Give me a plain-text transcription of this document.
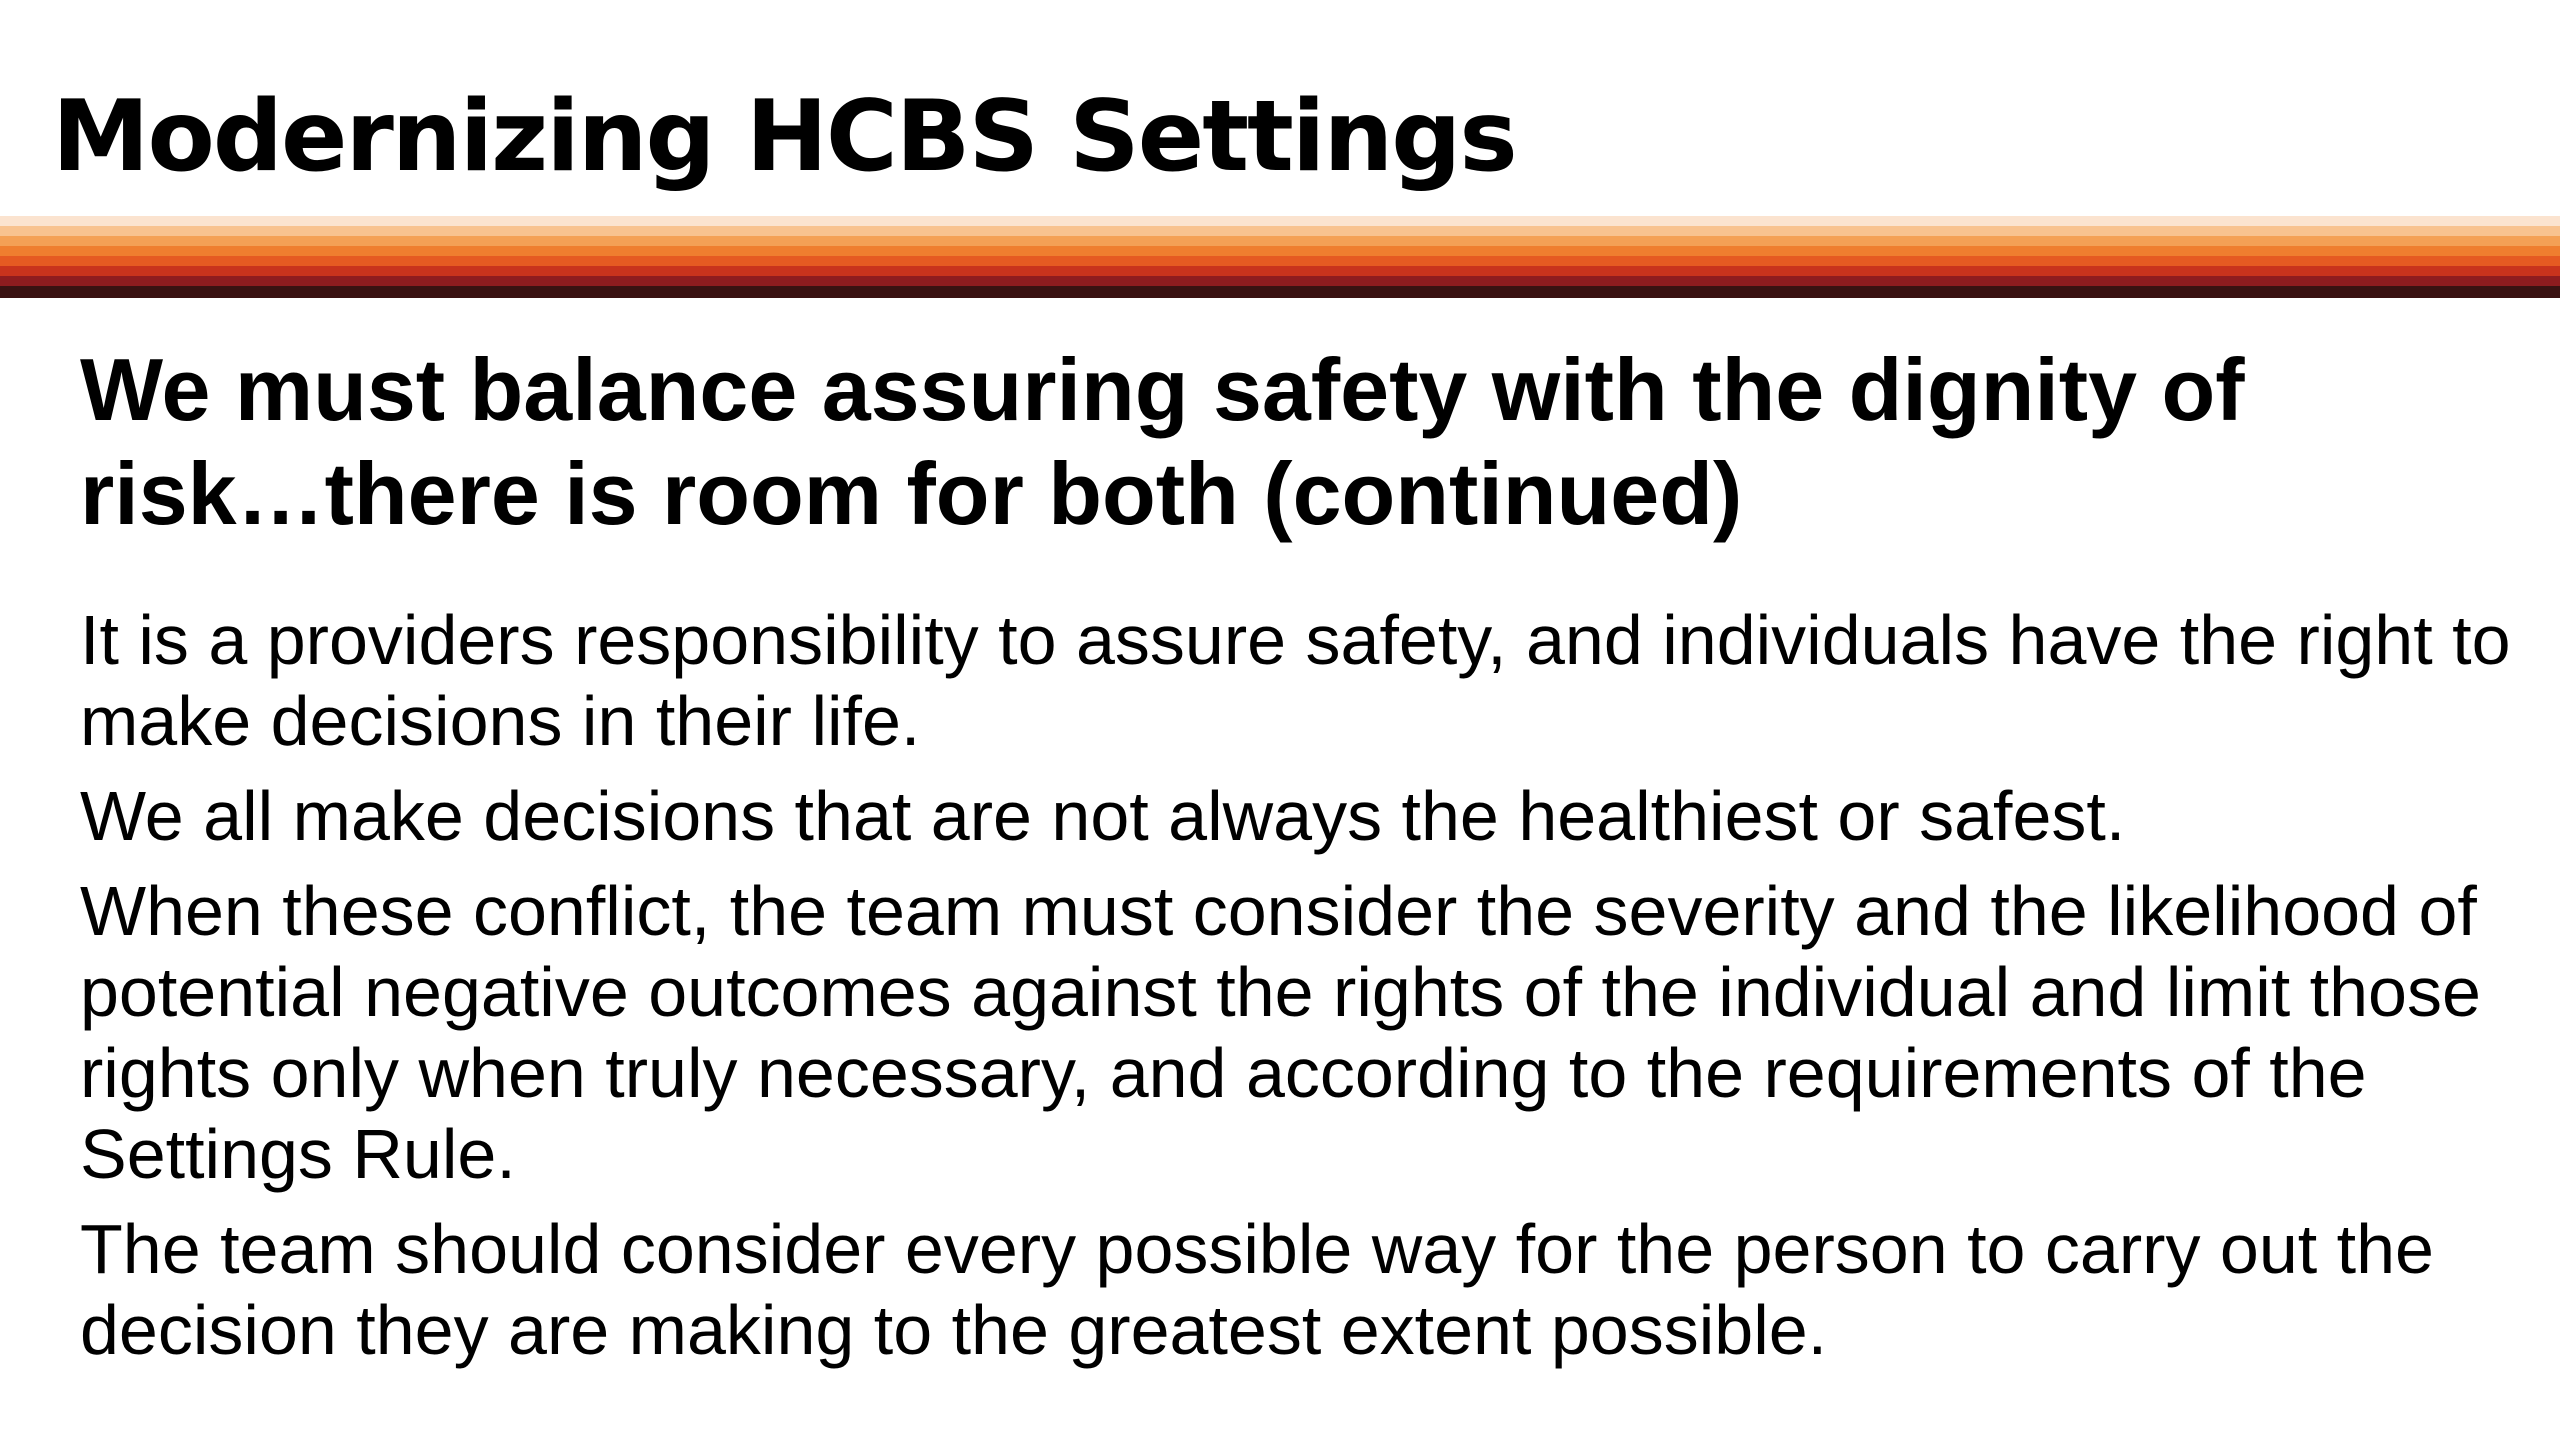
Modernizing HCBS Settings
We must balance assuring safety with the dignity of risk…there is room for both (continued)
It is a providers responsibility to assure safety, and individuals have the right to make decisions in their life.
We all make decisions that are not always the healthiest or safest.
When these conflict, the team must consider the severity and the likelihood of potential negative outcomes against the rights of the individual and limit those rights only when truly necessary, and according to the requirements of the Settings Rule.
The team should consider every possible way for the person to carry out the decision they are making to the greatest extent possible.
